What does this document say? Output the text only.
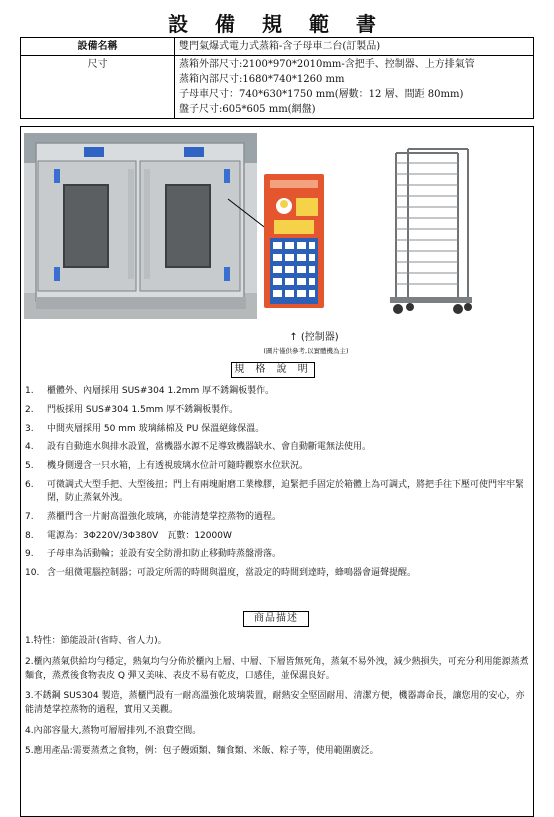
設 備 規 範 書
設備名稱	雙門氣爆式電力式蒸箱-含子母車二台(訂製品)
尺寸	蒸箱外部尺寸:2100*970*2010mm-含把手、控制器、上方排氣管
蒸箱內部尺寸:1680*740*1260 mm
子母車尺寸：740*630*1750 mm(層數：12 層、間距 80mm)
盤子尺寸:605*605 mm(網盤)
↑ (控制器)
(圖片僅供參考,以實體機為主)
規 格 說 明
1. 櫃體外、內層採用 SUS#304 1.2mm 厚不銹鋼板製作。
2. 門板採用 SUS#304 1.5mm 厚不銹鋼板製作。
3. 中間夾層採用 50 mm 玻璃絲棉及 PU 保溫絕緣保溫。
4. 設有自動進水與排水設置，當機器水源不足導致機器缺水、會自動斷電無法使用。
5. 機身側邊含一只水箱，上有透視玻璃水位計可隨時觀察水位狀況。
6. 可微調式大型手把、大型後扭；門上有兩塊耐磨工業橡膠，迫緊把手固定於箱體上為可調式，將把手往下壓可使門牢牢緊閉，防止蒸氣外洩。
7. 蒸櫃門含一片耐高溫強化玻璃，亦能清楚掌控蒸物的過程。
8. 電源為：3Φ220V/3Φ380V　瓦數：12000W
9. 子母車為活動輪；並設有安全防滑扣防止移動時蒸盤滑落。
10. 含一組微電腦控制器；可設定所需的時間與溫度，當設定的時間到達時，蜂鳴器會逼聲提醒。
商品描述

1.特性：節能設計(省時、省人力)。

2.櫃內蒸氣供給均勻穩定，熱氣均勻分佈於櫃內上層、中層、下層皆無死角，蒸氣不易外洩，減少熱損失，可充分利用能源蒸煮麵食，蒸煮後食物表皮 Q 彈又美味、表皮不易有乾皮，口感佳，並保濕良好。

3.不銹鋼 SUS304 製造，蒸櫃門設有一耐高溫強化玻璃裝置，耐熱安全堅固耐用、清潔方便，機器壽命長，讓您用的安心，亦能清楚掌控蒸物的過程，實用又美觀。

4.內部容量大,蒸物可層層排列,不浪費空間。

5.應用產品:需要蒸煮之食物，例：包子饅頭類、麵食類、米飯、粽子等，使用範圍廣泛。
